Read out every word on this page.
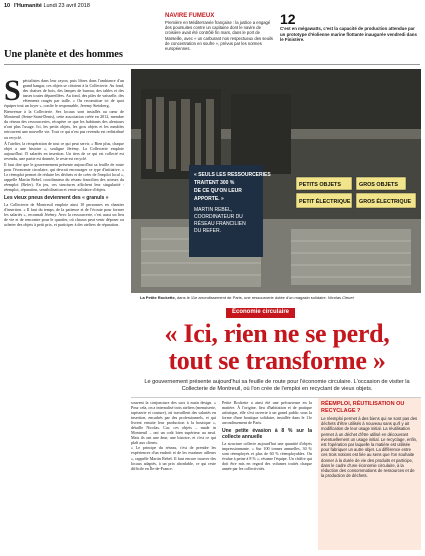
10 l'Humanité Lundi 23 avril 2018
NAVIRE FUMEUX
Première en Méditerranée française : la justice a engagé des poursuites contre un capitaine dont le navire de croisière avait été contrôlé fin mars, dans le port de Marseille, avec « un carburant non respectueux des seuils de concentration en soufre », prévus par les normes européennes.
12
C'est en mégawatts, c'est la capacité de production attendue par un prototype d'éolienne marine flottante inaugurée vendredi dans le Finistère.
Une planète et des hommes
S pécialistes dans leur rayon, puis libres dans l'ambiance d'un grand hangar, ces objets se côtoient à la Collecterie. Au fond, des chaises de bois, des lampes de bureau, des tables et des tasses toutes dépareillées. Au fond, des piles de vaisselle, des vêtements rangés par taille. « On reconstitue ici de quoi équiper tout un foyer », confie le responsable, Jeremy Steinberg.

Bienvenue à la Collecterie. Ses locaux sont installés au cœur de Montreuil (Seine-Saint-Denis), cette association créée en 2012, membre du réseau des ressourceries, récupère ce que les habitants des alentours n'ont plus l'usage. Ici, les petits objets, les gros objets et les meubles retrouvent une nouvelle vie. Tout ce qui n'est pas revendu est redistribué ou recyclé.

À l'atelier, la récupération de tout ce qui peut servir. « Bien plus, chaque objet a une histoire », souligne Jérémy. La Collecterie emploie aujourd'hui 15 salariés en insertion. Un tiers de ce qui est collecté est revendu, une partie est donnée, le reste est recyclé.

Il faut dire que le gouvernement présente aujourd'hui sa feuille de route pour l'économie circulaire, qui devrait encourager ce type d'initiative. « Le réemploi permet de réduire les déchets et de créer de l'emploi local », rappelle Martin Rebel, coordinateur du réseau francilien des acteurs du réemploi (Refer). En jeu, ces structures affichent leur singularité : réemploi, réparation, sensibilisation et vente solidaire d'objets.

Les vieux pneus deviennent des « granuls »

La Collecterie de Montreuil emploie ainsi 10 personnes en chantier d'insertion. « Il faut du temps, de la patience et de l'écoute pour former les salariés », reconnaît Jérémy. Avec la ressourcerie, c'est aussi un lieu de vie et de rencontre pour le quartier, où chacun peut venir déposer ou acheter des objets à petit prix, et participer à des ateliers de réparation.

« SEULS LES RESSOURCERIES
TRAITENT 300 %
DE CE QU'ON LEUR
APPORTE. »
MARTIN REBEL,
COORDINATEUR DU
RÉSEAU FRANCILIEN
DU REFER.
PETITS OBJETS	GROS OBJETS
PETIT ÉLECTRIQUE GROS ÉLECTRIQUE
La Petite Rockette, dans le 11e arrondissement de Paris, une ressourcerie dotée d'un magasin solidaire. Nicolas Cleuet
Économie circulaire
« Ici, rien ne se perd,
tout se transforme »
Le gouvernement présente aujourd'hui sa feuille de route pour l'économie circulaire. L'occasion de visiter la Collecterie de Montreuil, où l'on crée de l'emploi en recyclant de vieux objets.

souvent la conjoncture des sacs à main design. « Pour cela, on a internalisé trois ateliers (menuiserie, tapisserie et couture), où travaillent des salariés en insertion, encadrés par des professionnels, et qui livrent ensuite leur production à la boutique », détaille Nicolas. Car, ces objets – made in Montreuil – ont un coût bien supérieur au neuf. Mais ils ont une âme, une histoire, et c'est ce qui plaît aux clients.

« Le principe du réseau, c'est de prendre les expériences d'un endroit et de les essaimer ailleurs », rappelle Martin Rebel. Il faut encore trouver des locaux adaptés, à un prix abordable, ce qui reste difficile en Île-de-France.

Petite Rockette a ainsi été une précurseure en la matière. À l'origine, lieu d'habitation et de pratique artistique, elle s'est ouverte à un grand public sous la forme d'une boutique solidaire, installée dans le 11e arrondissement de Paris.

Une petite évasion à 8 % sur la collecte annuelle

La structure collecte aujourd'hui une quantité d'objets impressionnante. « Sur 100 tonnes annuelles, 30 % sont réemployés et plus de 60 % réemployables. On évalue à peine à 8 % », résume l'équipe. Un chiffre qui doit être mis en regard des volumes traités chaque année par les collectivités.

RÉEMPLOI, RÉUTILISATION OU RECYCLAGE ?
Le réemploi permet à des biens qui ne sont pas des déchets d'être utilisés à nouveau sans qu'il y ait modification de leur usage initial. La réutilisation permet à un déchet d'être utilisé en découvrant éventuellement un usage initial. Le recyclage, enfin, est l'opération par laquelle la matière est utilisée pour fabriquer un autre objet. La différence entre ces trois notions est liée au sens que l'on souhaite donner à la durée de vie des produits et participe, dans le cadre d'une économie circulaire, à la réduction des consommations de ressources et de la production de déchets.
